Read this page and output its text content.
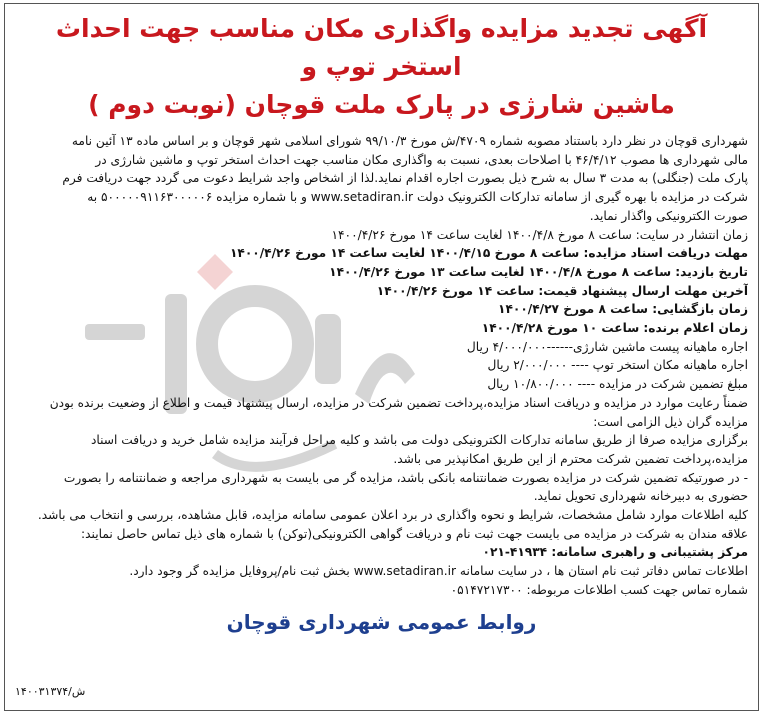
آگهی تجدید مزایده واگذاری مکان مناسب جهت احداث استخر توپ و
ماشین شارژی در پارک ملت قوچان (نوبت دوم )
شهرداری قوچان در نظر دارد باستناد مصوبه شماره ۴۷۰۹/ش مورخ ۹۹/۱۰/۳ شورای اسلامی شهر قوچان و بر اساس ماده ۱۳ آئین نامه
مالی شهرداری ها مصوب ۴۶/۴/۱۲ با اصلاحات بعدی، نسبت به واگذاری مکان مناسب جهت احداث استخر توپ و ماشین شارژی در
پارک ملت (جنگلی) به مدت ۳ سال به شرح ذیل بصورت اجاره اقدام نماید.لذا از اشخاص واجد شرایط دعوت می گردد جهت دریافت فرم
شرکت در مزایده با بهره گیری از سامانه تدارکات الکترونیک دولت www.setadiran.ir و با شماره مزایده ۵۰۰۰۰۰۹۱۱۶۳۰۰۰۰۰۶ به
صورت الکترونیکی واگذار نماید.
زمان انتشار در سایت: ساعت ۸ مورخ ۱۴۰۰/۴/۸ لغایت ساعت ۱۴ مورخ ۱۴۰۰/۴/۲۶
مهلت دریافت اسناد مزایده: ساعت ۸ مورخ ۱۴۰۰/۴/۱۵ لغایت ساعت ۱۴ مورخ ۱۴۰۰/۴/۲۶
تاریخ بازدید: ساعت ۸ مورخ ۱۴۰۰/۴/۸ لغایت ساعت ۱۳ مورخ ۱۴۰۰/۴/۲۶
آخرین مهلت ارسال پیشنهاد قیمت: ساعت ۱۴ مورخ ۱۴۰۰/۴/۲۶
زمان بازگشایی: ساعت ۸ مورخ ۱۴۰۰/۴/۲۷
زمان اعلام برنده: ساعت ۱۰ مورخ ۱۴۰۰/۴/۲۸
اجاره ماهیانه پیست ماشین شارژی------۴/۰۰۰/۰۰۰ ریال
اجاره ماهیانه مکان استخر توپ ---- ۲/۰۰۰/۰۰۰ ریال
مبلغ تضمین شرکت در مزایده ---- ۱۰/۸۰۰/۰۰۰ ریال
ضمناً رعایت موارد در مزایده و دریافت اسناد مزایده،پرداخت تضمین شرکت در مزایده، ارسال پیشنهاد قیمت و اطلاع از وضعیت برنده بودن
مزایده گران ذیل الزامی است:
برگزاری مزایده صرفا از طریق سامانه تدارکات الکترونیکی دولت می باشد و کلیه مراحل فرآیند مزایده شامل خرید و دریافت اسناد
مزایده،پرداخت تضمین شرکت محترم از این طریق امکانپذیر می باشد.
- در صورتیکه تضمین شرکت در مزایده بصورت ضمانتنامه بانکی باشد، مزایده گر می بایست به شهرداری مراجعه و ضمانتنامه را بصورت
حضوری به دبیرخانه شهرداری تحویل نماید.
کلیه اطلاعات موارد شامل مشخصات، شرایط و نحوه واگذاری در برد اعلان عمومی سامانه مزایده، قابل مشاهده، بررسی و انتخاب می باشد.
علاقه مندان به شرکت در مزایده می بایست جهت ثبت نام و دریافت گواهی الکترونیکی(توکن) با شماره های ذیل تماس حاصل نمایند:
مرکز پشتیبانی و راهبری سامانه: ۴۱۹۳۴-۰۲۱
اطلاعات تماس دفاتر ثبت نام استان ها ، در سایت سامانه www.setadiran.ir بخش ثبت نام/پروفایل مزایده گر وجود دارد.
شماره تماس جهت کسب اطلاعات مربوطه: ۰۵۱۴۷۲۱۷۳۰۰
روابط عمومی شهرداری قوچان
۱۴۰۰۳۱۳۷۴/ش
